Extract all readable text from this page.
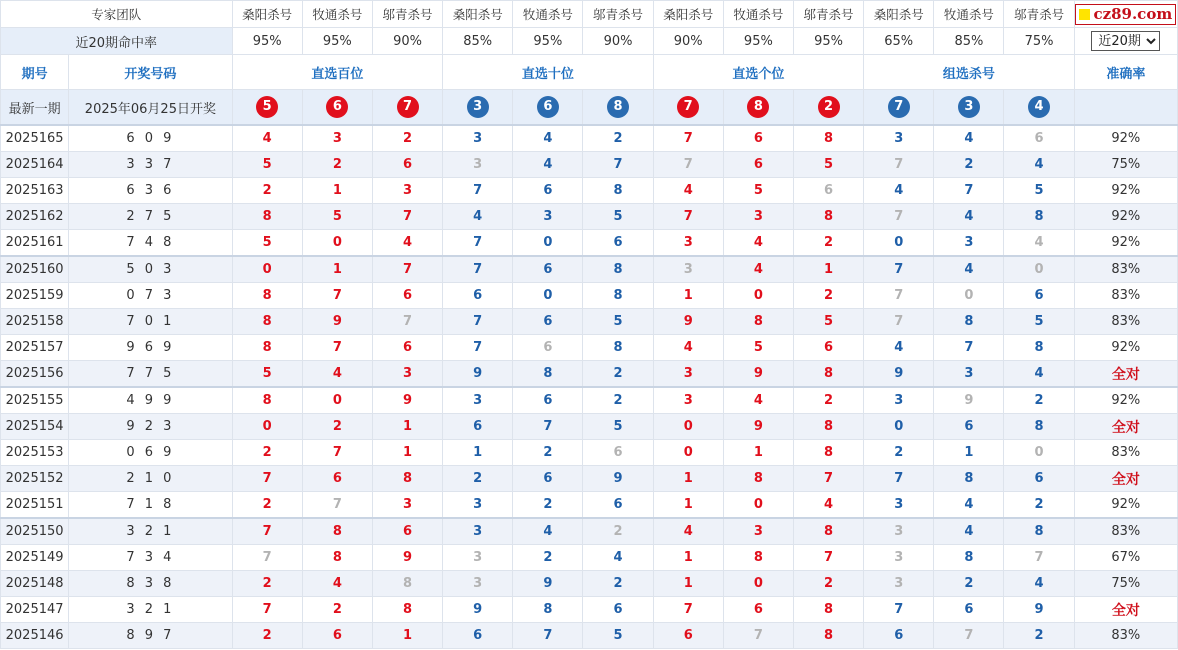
专家团队		桑阳杀号	牧通杀号	邬青杀号	桑阳杀号	牧通杀号	邬青杀号	桑阳杀号	牧通杀号	邬青杀号	桑阳杀号	牧通杀号	邬青杀号	cz89.com

近20期命中率		95%	95%	90%	85%	95%	90%	90%	95%	95%	65%	85%	75%	
近20期
期号	开奖号码	直选百位			直选十位			直选个位			组选杀号			准确率
最新一期	2025年06月25日开奖	5	6	7	3	6	8	7	8	2	7	3	4	
2025165	6 0 9	4	3	2	3	4	2	7	6	8	3	4	6	92%
2025164	3 3 7	5	2	6	3	4	7	7	6	5	7	2	4	75%
2025163	6 3 6	2	1	3	7	6	8	4	5	6	4	7	5	92%
2025162	2 7 5	8	5	7	4	3	5	7	3	8	7	4	8	92%
2025161	7 4 8	5	0	4	7	0	6	3	4	2	0	3	4	92%
2025160	5 0 3	0	1	7	7	6	8	3	4	1	7	4	0	83%
2025159	0 7 3	8	7	6	6	0	8	1	0	2	7	0	6	83%
2025158	7 0 1	8	9	7	7	6	5	9	8	5	7	8	5	83%
2025157	9 6 9	8	7	6	7	6	8	4	5	6	4	7	8	92%
2025156	7 7 5	5	4	3	9	8	2	3	9	8	9	3	4	全对
2025155	4 9 9	8	0	9	3	6	2	3	4	2	3	9	2	92%
2025154	9 2 3	0	2	1	6	7	5	0	9	8	0	6	8	全对
2025153	0 6 9	2	7	1	1	2	6	0	1	8	2	1	0	83%
2025152	2 1 0	7	6	8	2	6	9	1	8	7	7	8	6	全对
2025151	7 1 8	2	7	3	3	2	6	1	0	4	3	4	2	92%
2025150	3 2 1	7	8	6	3	4	2	4	3	8	3	4	8	83%
2025149	7 3 4	7	8	9	3	2	4	1	8	7	3	8	7	67%
2025148	8 3 8	2	4	8	3	9	2	1	0	2	3	2	4	75%
2025147	3 2 1	7	2	8	9	8	6	7	6	8	7	6	9	全对
2025146	8 9 7	2	6	1	6	7	5	6	7	8	6	7	2	83%
